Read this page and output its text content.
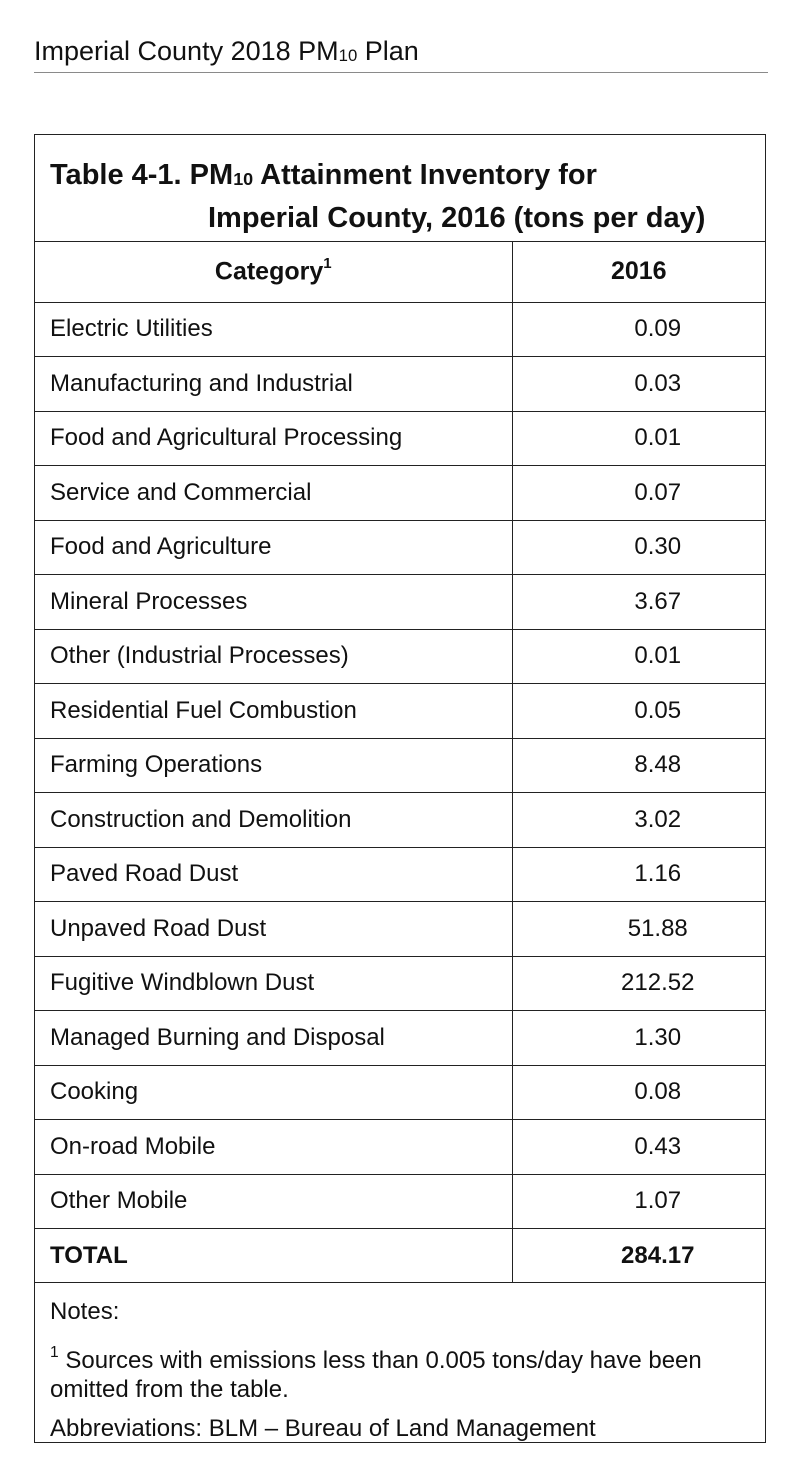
Imperial County 2018 $PM_{10}$ Plan
Table 4-1. $PM_{10}$ Attainment Inventory for
Imperial County, 2016 (tons per day)
Category$^1$	2016
Electric Utilities	0.09
Manufacturing and Industrial	0.03
Food and Agricultural Processing	0.01
Service and Commercial	0.07
Food and Agriculture	0.30
Mineral Processes	3.67
Other (Industrial Processes)	0.01
Residential Fuel Combustion	0.05
Farming Operations	8.48
Construction and Demolition	3.02
Paved Road Dust	1.16
Unpaved Road Dust	51.88
Fugitive Windblown Dust	212.52
Managed Burning and Disposal	1.30
Cooking	0.08
On-road Mobile	0.43
Other Mobile	1.07
TOTAL	284.17
Notes:
$^1$ Sources with emissions less than 0.005 tons/day have been omitted from the table.
Abbreviations: BLM – Bureau of Land Management
